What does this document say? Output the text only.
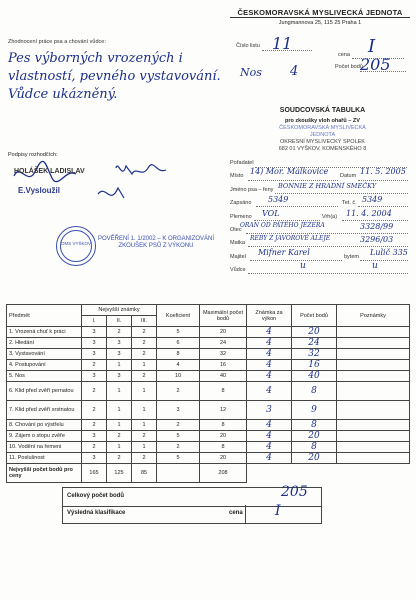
ČESKOMORAVSKÁ MYSLIVECKÁ JEDNOTA
Jungmannova 25, 115 25 Praha 1
Číslo listu 11
cena I
Počet bodů
205
Nos 4
Zhodnocení práce psa a chování vůdce:
Pes výborných vrozených i
vlastností, pevného vystavování.
Vůdce ukázněný.
SOUDCOVSKÁ TABULKA
pro zkoušky vloh ohařů – ZV
ČESKOMORAVSKÁ MYSLIVECKÁ
JEDNOTA
OKRESNÍ MYSLIVECKÝ SPOLEK
682 01 VYŠKOV, KOMENSKÉHO 8
Pořadatel
Místo 14) Mor. Málkovice Datum 11. 5. 2005
Jméno psa – feny BONNIE Z HRADNÍ SMEČKY
Zapsáno 5349	Tet. č. 5349
Plemeno VOL	Vrh(a) 11. 4. 2004
Otec
ORAN OD PÁTÉHO JEZERA	3328/99
Matka
REBY Z JAVOROVÉ ALEJE	3296/03
Majitel Mifner Karel	bytem Lulič 335
Vůdce	u	u
Podpisy rozhodčích:
HOLÁŠEK LADISLAV
E.Vysloužil
OMS VYŠKOV
POVĚŘENÍ 1. 1/2002 – K ORGANIZOVÁNÍ ZKOUŠEK PSŮ Z VÝKONU
Předmět	Nejvyšší známky			Koeficient	Maximální počet bodů	Známka za výkon	Počet bodů	Poznámky
	I.	II.	III.					
1. Vrozená chuť k práci	3	2	2	5	20	4	20	
2. Hledání	3	3	2	6	24	4	24	
3. Vystavování	3	3	2	8	32	4	32	
4. Postupování	2	1	1	4	16	4	16	
5. Nos	3	3	2	10	40	4	40	
6. Klid před zvěří pernatou	2	1	1	2	8	4	8	
7. Klid před zvěří srstnatou	2	1	1	3	12	3	9	
8. Chování po výstřelu	2	1	1	2	8	4	8	
9. Zájem o stopu zvěře	3	2	2	5	20	4	20	
10. Vodění na řemeni	2	1	1	2	8	4	8	
11. Poslušnost	3	2	2	5	20	4	20	
Nejvyšší počet bodů pro ceny	165	125	85		208			
Celkový počet bodů	205
Výsledná klasifikace	cena I
